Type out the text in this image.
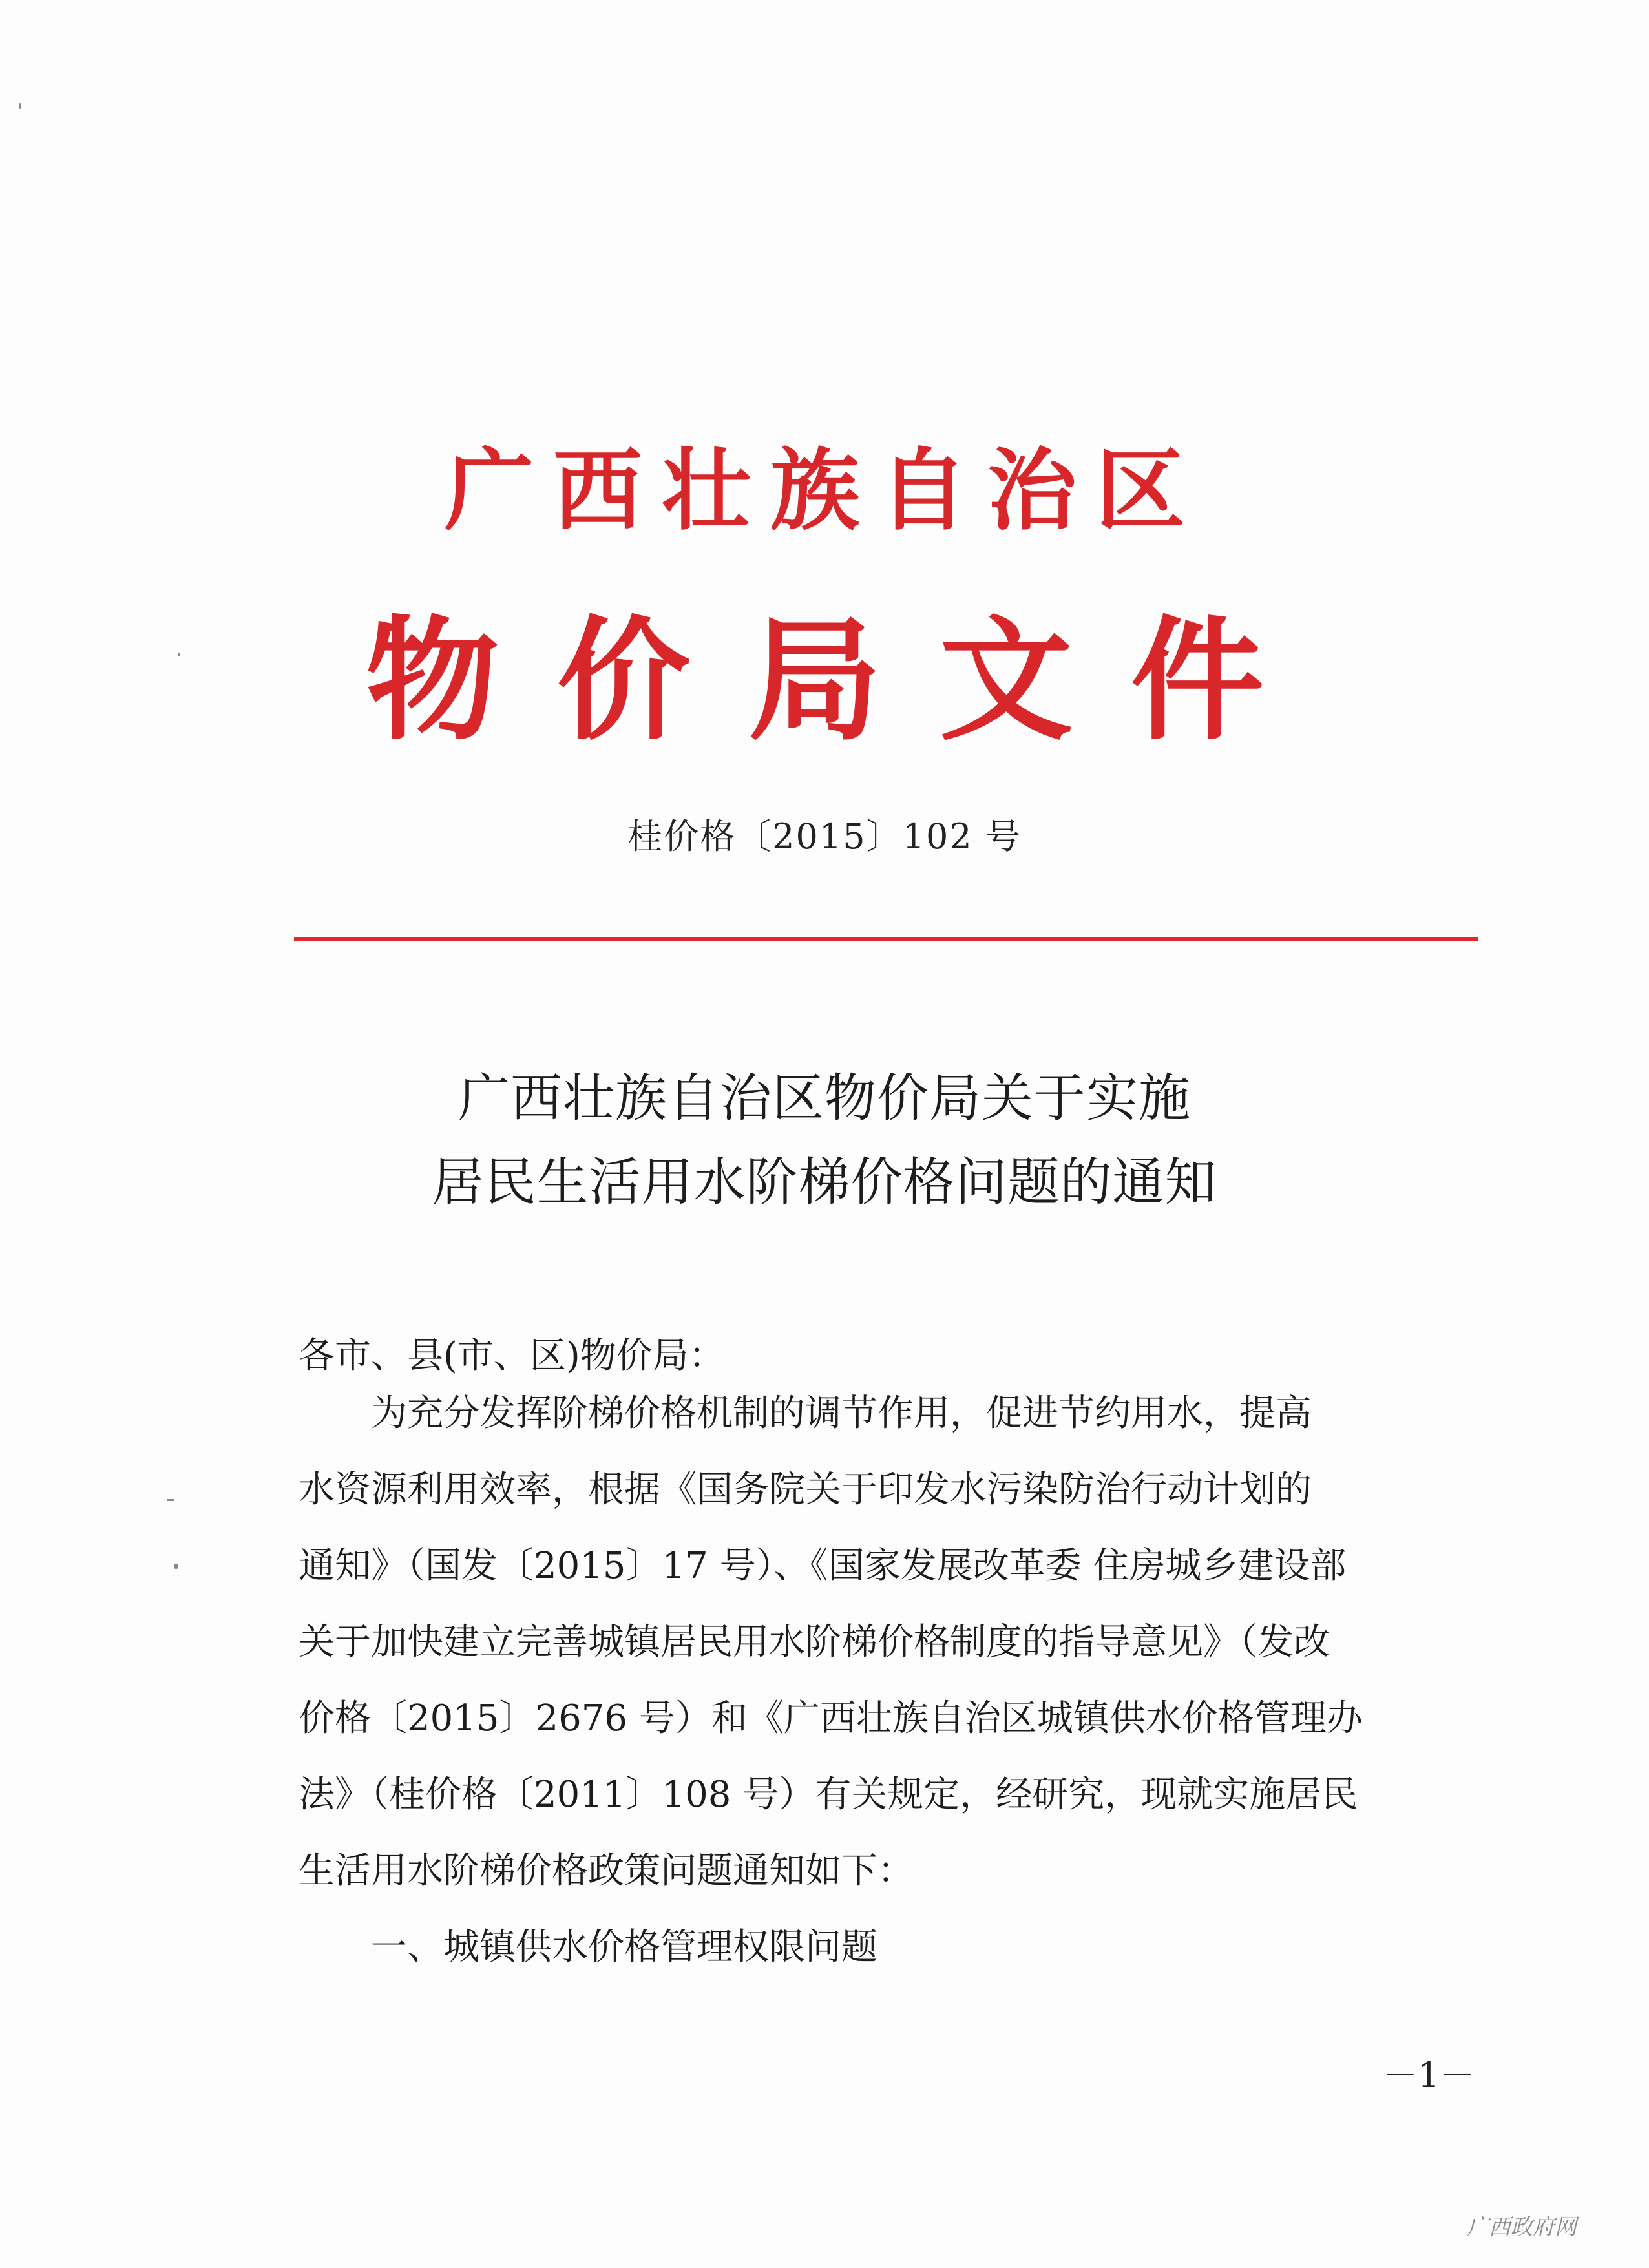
广西壮族自治区
物价局文件
桂价格〔2015〕102 号
广西壮族自治区物价局关于实施
居民生活用水阶梯价格问题的通知
各市、县(市、区)物价局：
　　为充分发挥阶梯价格机制的调节作用，促进节约用水，提高
水资源利用效率，根据《国务院关于印发水污染防治行动计划的
通知》（国发〔2015〕17 号）、《国家发展改革委 住房城乡建设部
关于加快建立完善城镇居民用水阶梯价格制度的指导意见》（发改
价格〔2015〕2676 号）和《广西壮族自治区城镇供水价格管理办
法》（桂价格〔2011〕108 号）有关规定，经研究，现就实施居民
生活用水阶梯价格政策问题通知如下：
　　一、城镇供水价格管理权限问题
－1－
广西政府网
